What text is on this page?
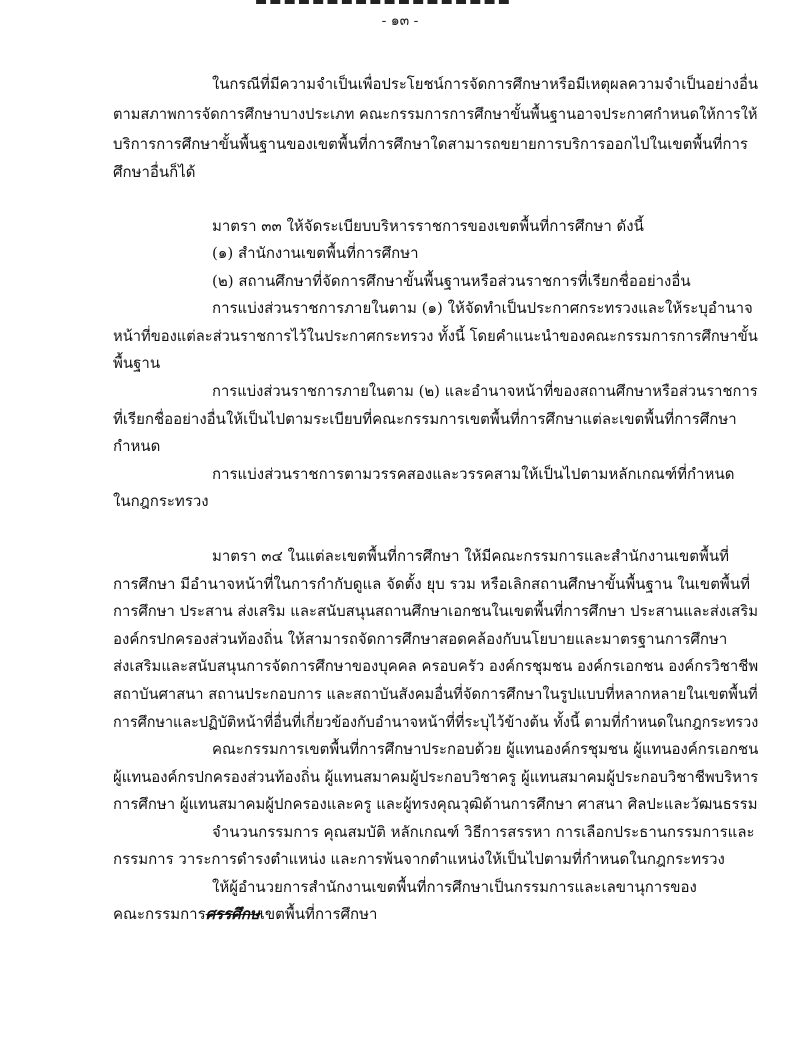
- ๑๓ -
ในกรณีที่มีความจำเป็นเพื่อประโยชน์การจัดการศึกษาหรือมีเหตุผลความจำเป็นอย่างอื่น
ตามสภาพการจัดการศึกษาบางประเภท คณะกรรมการการศึกษาขั้นพื้นฐานอาจประกาศกำหนดให้การให้
บริการการศึกษาขั้นพื้นฐานของเขตพื้นที่การศึกษาใดสามารถขยายการบริการออกไปในเขตพื้นที่การ
ศึกษาอื่นก็ได้
มาตรา ๓๓ ให้จัดระเบียบบริหารราชการของเขตพื้นที่การศึกษา ดังนี้
(๑) สำนักงานเขตพื้นที่การศึกษา
(๒) สถานศึกษาที่จัดการศึกษาขั้นพื้นฐานหรือส่วนราชการที่เรียกชื่ออย่างอื่น
การแบ่งส่วนราชการภายในตาม (๑) ให้จัดทำเป็นประกาศกระทรวงและให้ระบุอำนาจ
หน้าที่ของแต่ละส่วนราชการไว้ในประกาศกระทรวง ทั้งนี้ โดยคำแนะนำของคณะกรรมการการศึกษาขั้น
พื้นฐาน
การแบ่งส่วนราชการภายในตาม (๒) และอำนาจหน้าที่ของสถานศึกษาหรือส่วนราชการ
ที่เรียกชื่ออย่างอื่นให้เป็นไปตามระเบียบที่คณะกรรมการเขตพื้นที่การศึกษาแต่ละเขตพื้นที่การศึกษา
กำหนด
การแบ่งส่วนราชการตามวรรคสองและวรรคสามให้เป็นไปตามหลักเกณฑ์ที่กำหนด
ในกฎกระทรวง
มาตรา ๓๔ ในแต่ละเขตพื้นที่การศึกษา ให้มีคณะกรรมการและสำนักงานเขตพื้นที่
การศึกษา มีอำนาจหน้าที่ในการกำกับดูแล จัดตั้ง ยุบ รวม หรือเลิกสถานศึกษาขั้นพื้นฐาน ในเขตพื้นที่
การศึกษา ประสาน ส่งเสริม และสนับสนุนสถานศึกษาเอกชนในเขตพื้นที่การศึกษา ประสานและส่งเสริม
องค์กรปกครองส่วนท้องถิ่น ให้สามารถจัดการศึกษาสอดคล้องกับนโยบายและมาตรฐานการศึกษา
ส่งเสริมและสนับสนุนการจัดการศึกษาของบุคคล ครอบครัว องค์กรชุมชน องค์กรเอกชน องค์กรวิชาชีพ
สถาบันศาสนา สถานประกอบการ และสถาบันสังคมอื่นที่จัดการศึกษาในรูปแบบที่หลากหลายในเขตพื้นที่
การศึกษาและปฏิบัติหน้าที่อื่นที่เกี่ยวข้องกับอำนาจหน้าที่ที่ระบุไว้ข้างต้น ทั้งนี้ ตามที่กำหนดในกฎกระทรวง
คณะกรรมการเขตพื้นที่การศึกษาประกอบด้วย ผู้แทนองค์กรชุมชน ผู้แทนองค์กรเอกชน
ผู้แทนองค์กรปกครองส่วนท้องถิ่น ผู้แทนสมาคมผู้ประกอบวิชาครู ผู้แทนสมาคมผู้ประกอบวิชาชีพบริหาร
การศึกษา ผู้แทนสมาคมผู้ปกครองและครู และผู้ทรงคุณวุฒิด้านการศึกษา ศาสนา ศิลปะและวัฒนธรรม
จำนวนกรรมการ คุณสมบัติ หลักเกณฑ์ วิธีการสรรหา การเลือกประธานกรรมการและ
กรรมการ วาระการดำรงตำแหน่ง และการพ้นจากตำแหน่งให้เป็นไปตามที่กำหนดในกฎกระทรวง
ให้ผู้อำนวยการสำนักงานเขตพื้นที่การศึกษาเป็นกรรมการและเลขานุการของ
คณะกรรมการศรรศึกษเขตพื้นที่การศึกษา
